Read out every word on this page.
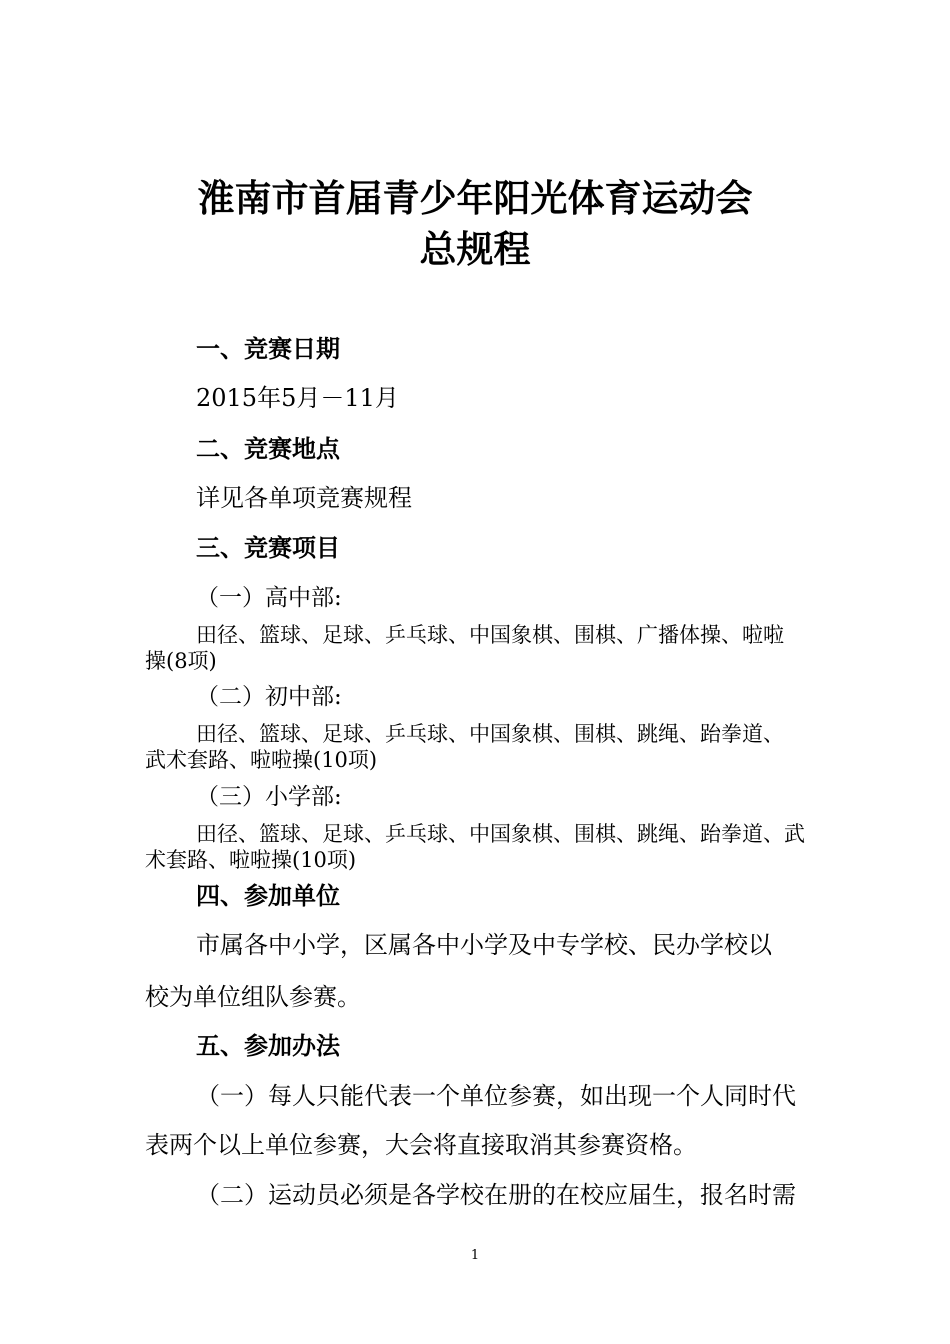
淮南市首届青少年阳光体育运动会
总规程
一、竞赛日期
2015年5月－11月
二、竞赛地点
详见各单项竞赛规程
三、竞赛项目
（一）高中部:
田径、篮球、足球、乒乓球、中国象棋、围棋、广播体操、啦啦
操(8项)
（二）初中部:
田径、篮球、足球、乒乓球、中国象棋、围棋、跳绳、跆拳道、
武术套路、啦啦操(10项)
（三）小学部:
田径、篮球、足球、乒乓球、中国象棋、围棋、跳绳、跆拳道、武
术套路、啦啦操(10项)
四、参加单位
市属各中小学，区属各中小学及中专学校、民办学校以
校为单位组队参赛。
五、参加办法
（一）每人只能代表一个单位参赛，如出现一个人同时代
表两个以上单位参赛，大会将直接取消其参赛资格。
（二）运动员必须是各学校在册的在校应届生，报名时需
1
